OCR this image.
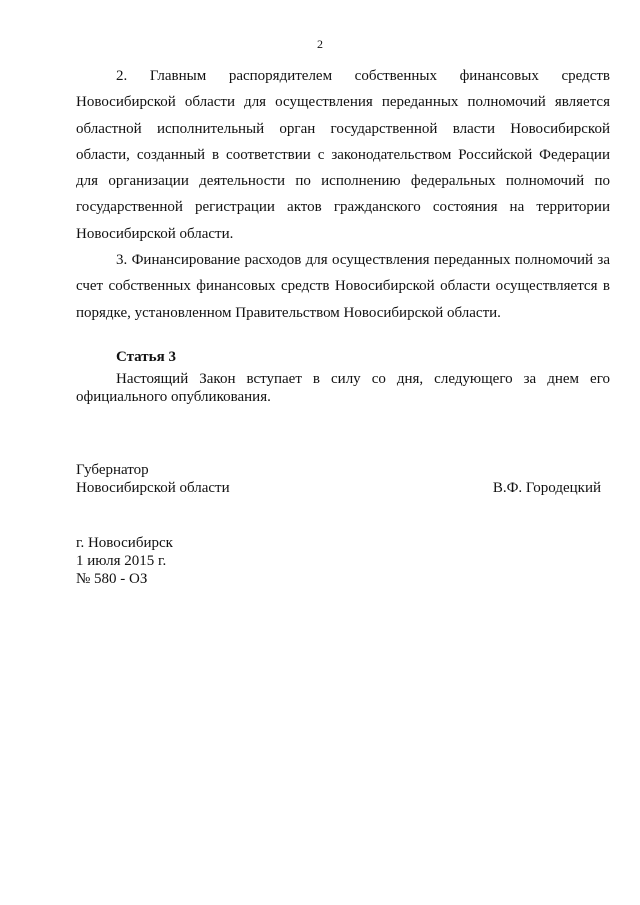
2

2. Главным распорядителем собственных финансовых средств Новосибирской области для осуществления переданных полномочий является областной исполнительный орган государственной власти Новосибирской области, созданный в соответствии с законодательством Российской Федерации для организации деятельности по исполнению федеральных полномочий по государственной регистрации актов гражданского состояния на территории Новосибирской области.

3. Финансирование расходов для осуществления переданных полномочий за счет собственных финансовых средств Новосибирской области осуществляется в порядке, установленном Правительством Новосибирской области.

Статья 3

Настоящий Закон вступает в силу со дня, следующего за днем его официального опубликования.

Губернатор
Новосибирской области	В.Ф. Городецкий
г. Новосибирск
1 июля 2015 г.
№ 580 - ОЗ
